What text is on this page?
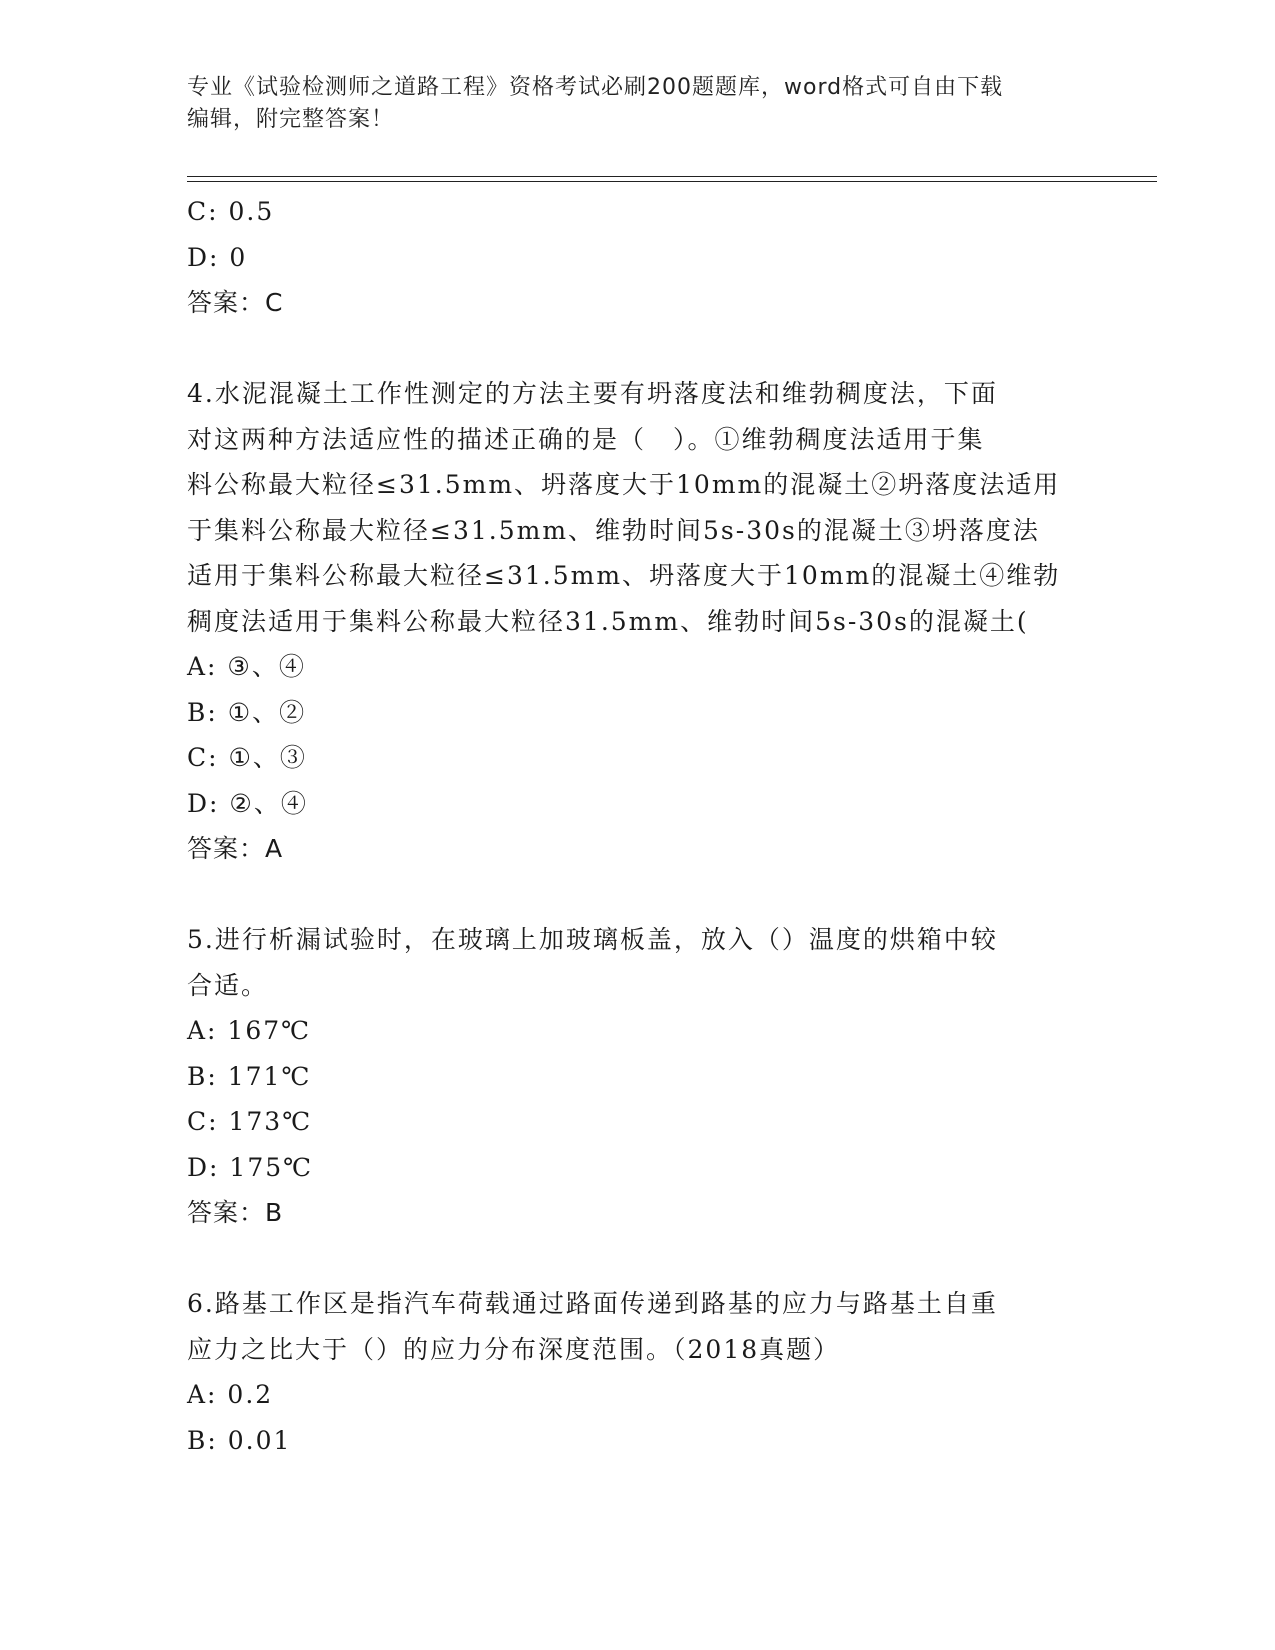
专业《试验检测师之道路工程》资格考试必刷200题题库，word格式可自由下载
编辑，附完整答案！
C: 0.5
D: 0
答案：C
4.水泥混凝土工作性测定的方法主要有坍落度法和维勃稠度法，下面
对这两种方法适应性的描述正确的是（　）。①维勃稠度法适用于集
料公称最大粒径≤31.5mm、坍落度大于10mm的混凝土②坍落度法适用
于集料公称最大粒径≤31.5mm、维勃时间5s-30s的混凝土③坍落度法
适用于集料公称最大粒径≤31.5mm、坍落度大于10mm的混凝土④维勃
稠度法适用于集料公称最大粒径31.5mm、维勃时间5s-30s的混凝土(
A: ③、④
B: ①、②
C: ①、③
D: ②、④
答案：A
5.进行析漏试验时，在玻璃上加玻璃板盖，放入（）温度的烘箱中较
合适。
A: 167℃
B: 171℃
C: 173℃
D: 175℃
答案：B
6.路基工作区是指汽车荷载通过路面传递到路基的应力与路基土自重
应力之比大于（）的应力分布深度范围。（2018真题）
A: 0.2
B: 0.01
